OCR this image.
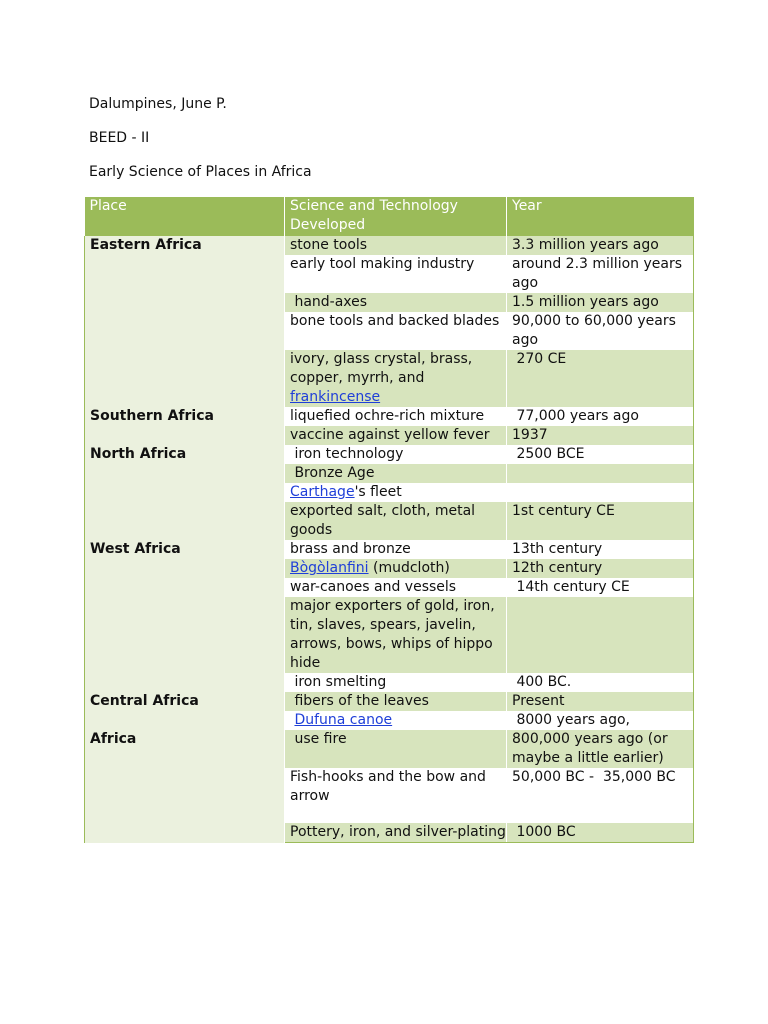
Dalumpines, June P.
BEED - II
Early Science of Places in Africa
Place	Science and Technology Developed	Year
Eastern Africa	stone tools	3.3 million years ago
	early tool making industry	around 2.3 million years ago
	hand-axes	1.5 million years ago
	bone tools and backed blades	90,000 to 60,000 years ago
	ivory, glass crystal, brass, copper, myrrh, and frankincense	270 CE
Southern Africa	liquefied ochre-rich mixture	77,000 years ago
	vaccine against yellow fever	1937
North Africa	iron technology	2500 BCE
	Bronze Age	
	Carthage's fleet	
	exported salt, cloth, metal goods	1st century CE
West Africa	brass and bronze	13th century
	Bògòlanfini (mudcloth)	12th century
	war-canoes and vessels	14th century CE
	major exporters of gold, iron, tin, slaves, spears, javelin, arrows, bows, whips of hippo hide	
	iron smelting	400 BC.
Central Africa	fibers of the leaves	Present
	Dufuna canoe	8000 years ago,
Africa	use fire	800,000 years ago (or maybe a little earlier)
	Fish-hooks and the bow and arrow	50,000 BC -  35,000 BC
	Pottery, iron, and silver-plating	1000 BC
